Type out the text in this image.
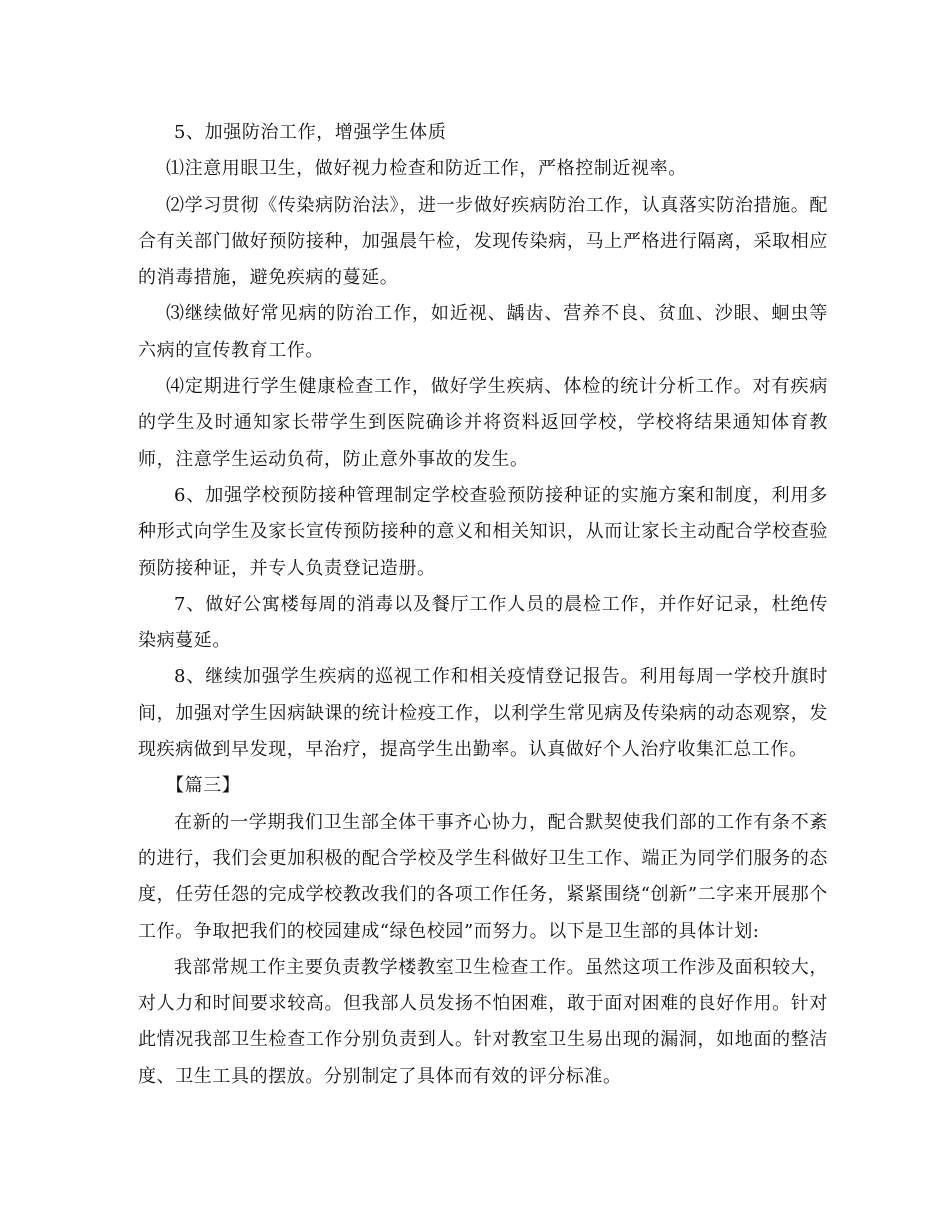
5、加强防治工作，增强学生体质

⑴注意用眼卫生，做好视力检查和防近工作，严格控制近视率。

⑵学习贯彻《传染病防治法》，进一步做好疾病防治工作，认真落实防治措施。配合有关部门做好预防接种，加强晨午检，发现传染病，马上严格进行隔离，采取相应的消毒措施，避免疾病的蔓延。

⑶继续做好常见病的防治工作，如近视、龋齿、营养不良、贫血、沙眼、蛔虫等六病的宣传教育工作。

⑷定期进行学生健康检查工作，做好学生疾病、体检的统计分析工作。对有疾病的学生及时通知家长带学生到医院确诊并将资料返回学校，学校将结果通知体育教师，注意学生运动负荷，防止意外事故的发生。

6、加强学校预防接种管理制定学校查验预防接种证的实施方案和制度，利用多种形式向学生及家长宣传预防接种的意义和相关知识，从而让家长主动配合学校查验预防接种证，并专人负责登记造册。

7、做好公寓楼每周的消毒以及餐厅工作人员的晨检工作，并作好记录，杜绝传染病蔓延。

8、继续加强学生疾病的巡视工作和相关疫情登记报告。利用每周一学校升旗时间，加强对学生因病缺课的统计检疫工作，以利学生常见病及传染病的动态观察，发现疾病做到早发现，早治疗，提高学生出勤率。认真做好个人治疗收集汇总工作。

【篇三】

在新的一学期我们卫生部全体干事齐心协力，配合默契使我们部的工作有条不紊的进行，我们会更加积极的配合学校及学生科做好卫生工作、端正为同学们服务的态度，任劳任怨的完成学校教改我们的各项工作任务，紧紧围绕“创新”二字来开展那个工作。争取把我们的校园建成“绿色校园”而努力。以下是卫生部的具体计划:

我部常规工作主要负责教学楼教室卫生检查工作。虽然这项工作涉及面积较大，对人力和时间要求较高。但我部人员发扬不怕困难，敢于面对困难的良好作用。针对此情况我部卫生检查工作分别负责到人。针对教室卫生易出现的漏洞，如地面的整洁度、卫生工具的摆放。分别制定了具体而有效的评分标准。
